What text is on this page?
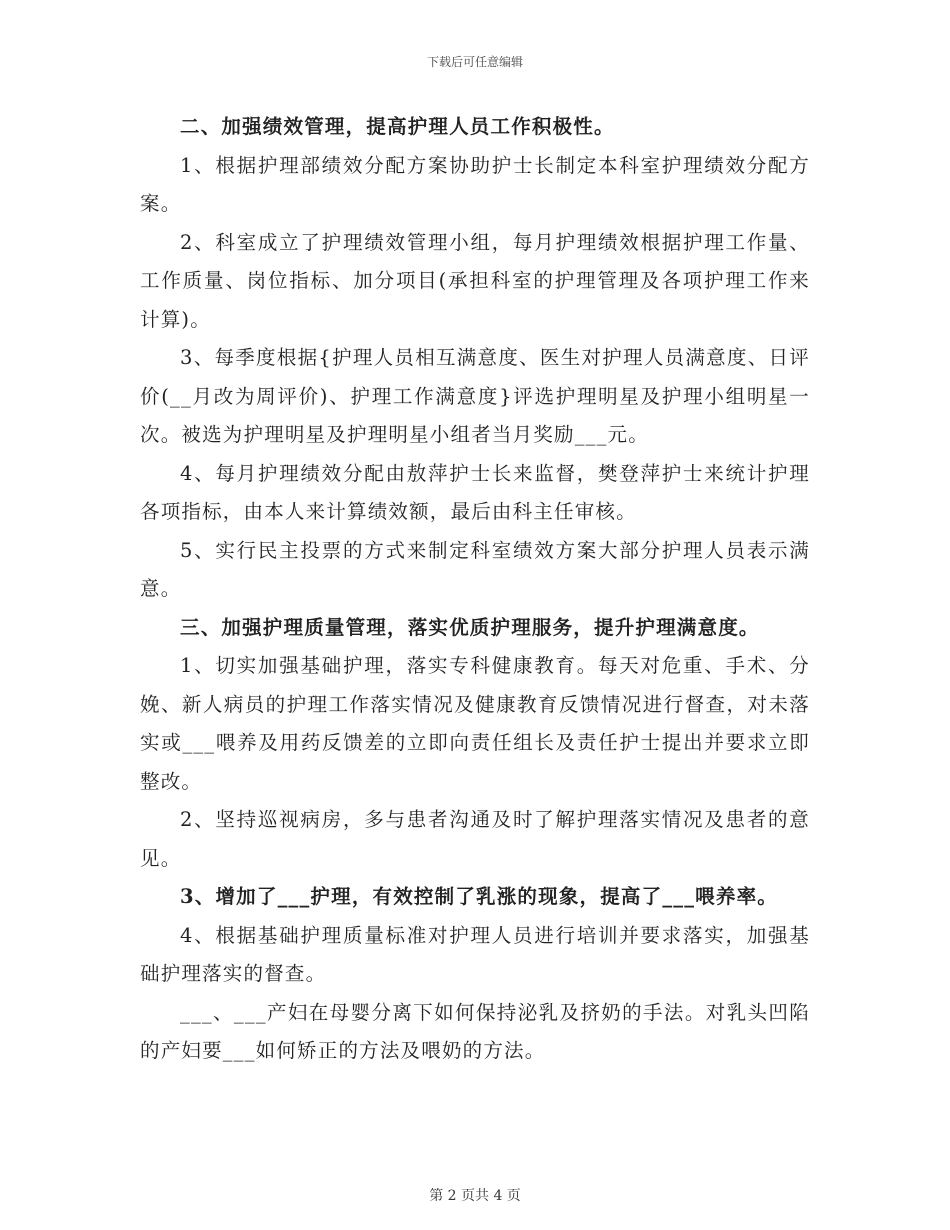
下载后可任意编辑

二、加强绩效管理，提高护理人员工作积极性。

1、根据护理部绩效分配方案协助护士长制定本科室护理绩效分配方案。

2、科室成立了护理绩效管理小组，每月护理绩效根据护理工作量、工作质量、岗位指标、加分项目(承担科室的护理管理及各项护理工作来计算)。

3、每季度根据{护理人员相互满意度、医生对护理人员满意度、日评价(__月改为周评价)、护理工作满意度}评选护理明星及护理小组明星一次。被选为护理明星及护理明星小组者当月奖励___元。

4、每月护理绩效分配由敖萍护士长来监督，樊登萍护士来统计护理各项指标，由本人来计算绩效额，最后由科主任审核。

5、实行民主投票的方式来制定科室绩效方案大部分护理人员表示满意。

三、加强护理质量管理，落实优质护理服务，提升护理满意度。

1、切实加强基础护理，落实专科健康教育。每天对危重、手术、分娩、新人病员的护理工作落实情况及健康教育反馈情况进行督查，对未落实或___喂养及用药反馈差的立即向责任组长及责任护士提出并要求立即整改。

2、坚持巡视病房，多与患者沟通及时了解护理落实情况及患者的意见。

3、增加了___护理，有效控制了乳涨的现象，提高了___喂养率。

4、根据基础护理质量标准对护理人员进行培训并要求落实，加强基础护理落实的督查。

___、___产妇在母婴分离下如何保持泌乳及挤奶的手法。对乳头凹陷的产妇要___如何矫正的方法及喂奶的方法。

第 2 页共 4 页
